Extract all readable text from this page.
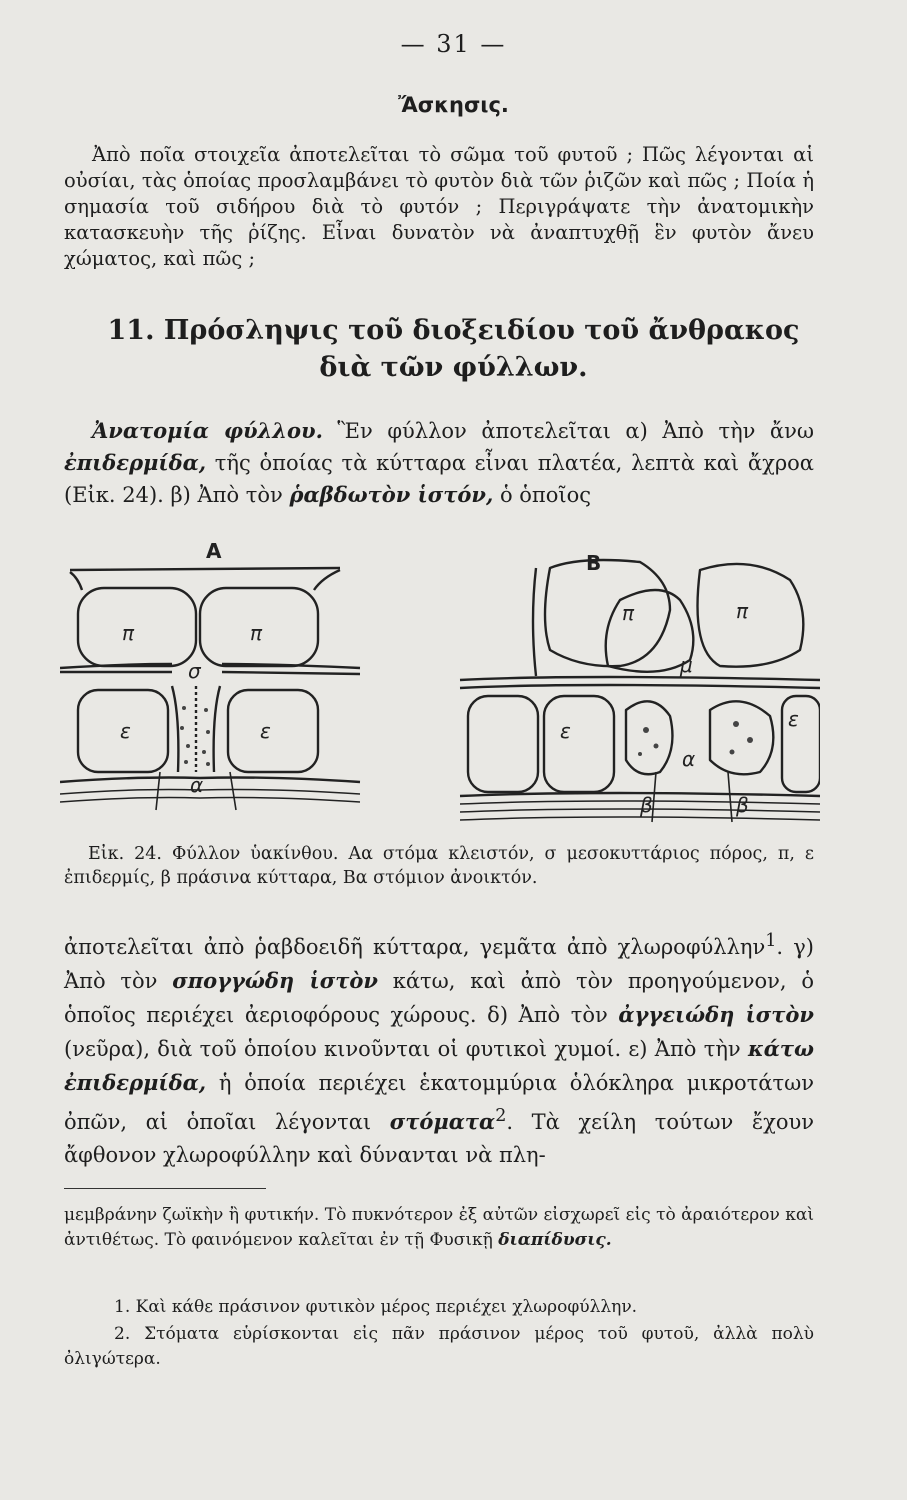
— 31 —
Ἄσκησις.

Ἀπὸ ποῖα στοιχεῖα ἀποτελεῖται τὸ σῶμα τοῦ φυτοῦ ; Πῶς λέγονται αἱ οὐσίαι, τὰς ὁποίας προσλαμβάνει τὸ φυτὸν διὰ τῶν ῥιζῶν καὶ πῶς ; Ποία ἡ σημασία τοῦ σιδήρου διὰ τὸ φυτόν ; Περιγράψατε τὴν ἀνατομικὴν κατασκευὴν τῆς ῥίζης. Εἶναι δυνατὸν νὰ ἀναπτυχθῇ ἓν φυτὸν ἄνευ χώματος, καὶ πῶς ;

11. Πρόσληψις τοῦ διοξειδίου τοῦ ἄνθρακος
διὰ τῶν φύλλων.

Ἀνατομία φύλλου. Ἓν φύλλον ἀποτελεῖται α) Ἀπὸ τὴν ἄνω ἐπιδερμίδα, τῆς ὁποίας τὰ κύτταρα εἶναι πλατέα, λεπτὰ καὶ ἄχροα (Εἰκ. 24). β) Ἀπὸ τὸν ῥαβδωτὸν ἱστόν, ὁ ὁποῖος

A
π	π
σ
ε	ε
α
B
π	π
μ
ε	ε
α
β	β

Εἰκ. 24. Φύλλον ὑακίνθου. Αα στόμα κλειστόν, σ μεσοκυττάριος πόρος, π, ε ἐπιδερμίς, β πράσινα κύτταρα, Βα στόμιον ἀνοικτόν.

ἀποτελεῖται ἀπὸ ῥαβδοειδῆ κύτταρα, γεμᾶτα ἀπὸ χλωροφύλλην$^1$. γ) Ἀπὸ τὸν σπογγώδη ἱστὸν κάτω, καὶ ἀπὸ τὸν προηγούμενον, ὁ ὁποῖος περιέχει ἀεριοφόρους χώρους. δ) Ἀπὸ τὸν ἀγγειώδη ἱστὸν (νεῦρα), διὰ τοῦ ὁποίου κινοῦνται οἱ φυτικοὶ χυμοί. ε) Ἀπὸ τὴν κάτω ἐπιδερμίδα, ἡ ὁποία περιέχει ἑκατομμύρια ὁλόκληρα μικροτάτων ὀπῶν, αἱ ὁποῖαι λέγονται στόματα$^2$. Τὰ χείλη τούτων ἔχουν ἄφθονον χλωροφύλλην καὶ δύνανται νὰ πλη-

μεμβράνην ζωϊκὴν ἢ φυτικήν. Τὸ πυκνότερον ἐξ αὐτῶν εἰσχωρεῖ εἰς τὸ ἀραιότερον καὶ ἀντιθέτως. Τὸ φαινόμενον καλεῖται ἐν τῇ Φυσικῇ διαπίδυσις.

1. Καὶ κάθε πράσινον φυτικὸν μέρος περιέχει χλωροφύλλην.

2. Στόματα εὑρίσκονται εἰς πᾶν πράσινον μέρος τοῦ φυτοῦ, ἀλλὰ πολὺ ὀλιγώτερα.
